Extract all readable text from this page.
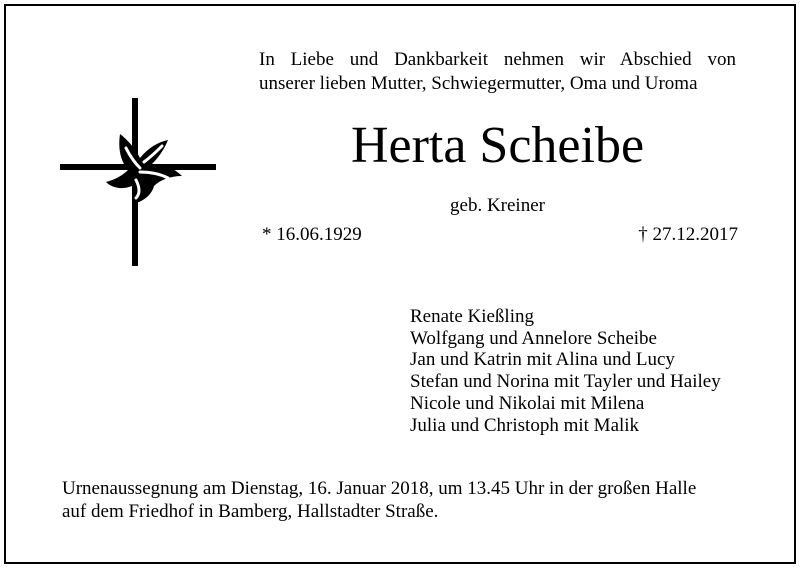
In Liebe und Dankbarkeit nehmen wir Abschied von
unserer lieben Mutter, Schwiegermutter, Oma und Uroma
Herta Scheibe
geb. Kreiner
* 16.06.1929	† 27.12.2017
Renate Kießling
Wolfgang und Annelore Scheibe
Jan und Katrin mit Alina und Lucy
Stefan und Norina mit Tayler und Hailey
Nicole und Nikolai mit Milena
Julia und Christoph mit Malik
Urnenaussegnung am Dienstag, 16. Januar 2018, um 13.45 Uhr in der großen Halle
auf dem Friedhof in Bamberg, Hallstadter Straße.
